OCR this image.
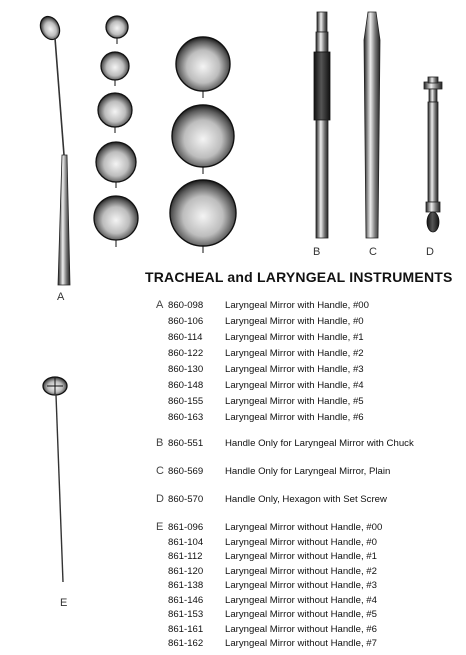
A
B	C	D
E
TRACHEAL and LARYNGEAL INSTRUMENTS
A 860-098	Laryngeal Mirror with Handle, #00
860-106	Laryngeal Mirror with Handle, #0
860-114	Laryngeal Mirror with Handle, #1
860-122	Laryngeal Mirror with Handle, #2
860-130	Laryngeal Mirror with Handle, #3
860-148	Laryngeal Mirror with Handle, #4
860-155	Laryngeal Mirror with Handle, #5
860-163	Laryngeal Mirror with Handle, #6
B 860-551	Handle Only for Laryngeal Mirror with Chuck
C 860-569	Handle Only for Laryngeal Mirror, Plain
D 860-570	Handle Only, Hexagon with Set Screw
E 861-096	Laryngeal Mirror without Handle, #00
861-104	Laryngeal Mirror without Handle, #0
861-112	Laryngeal Mirror without Handle, #1
861-120	Laryngeal Mirror without Handle, #2
861-138	Laryngeal Mirror without Handle, #3
861-146	Laryngeal Mirror without Handle, #4
861-153	Laryngeal Mirror without Handle, #5
861-161	Laryngeal Mirror without Handle, #6
861-162	Laryngeal Mirror without Handle, #7
